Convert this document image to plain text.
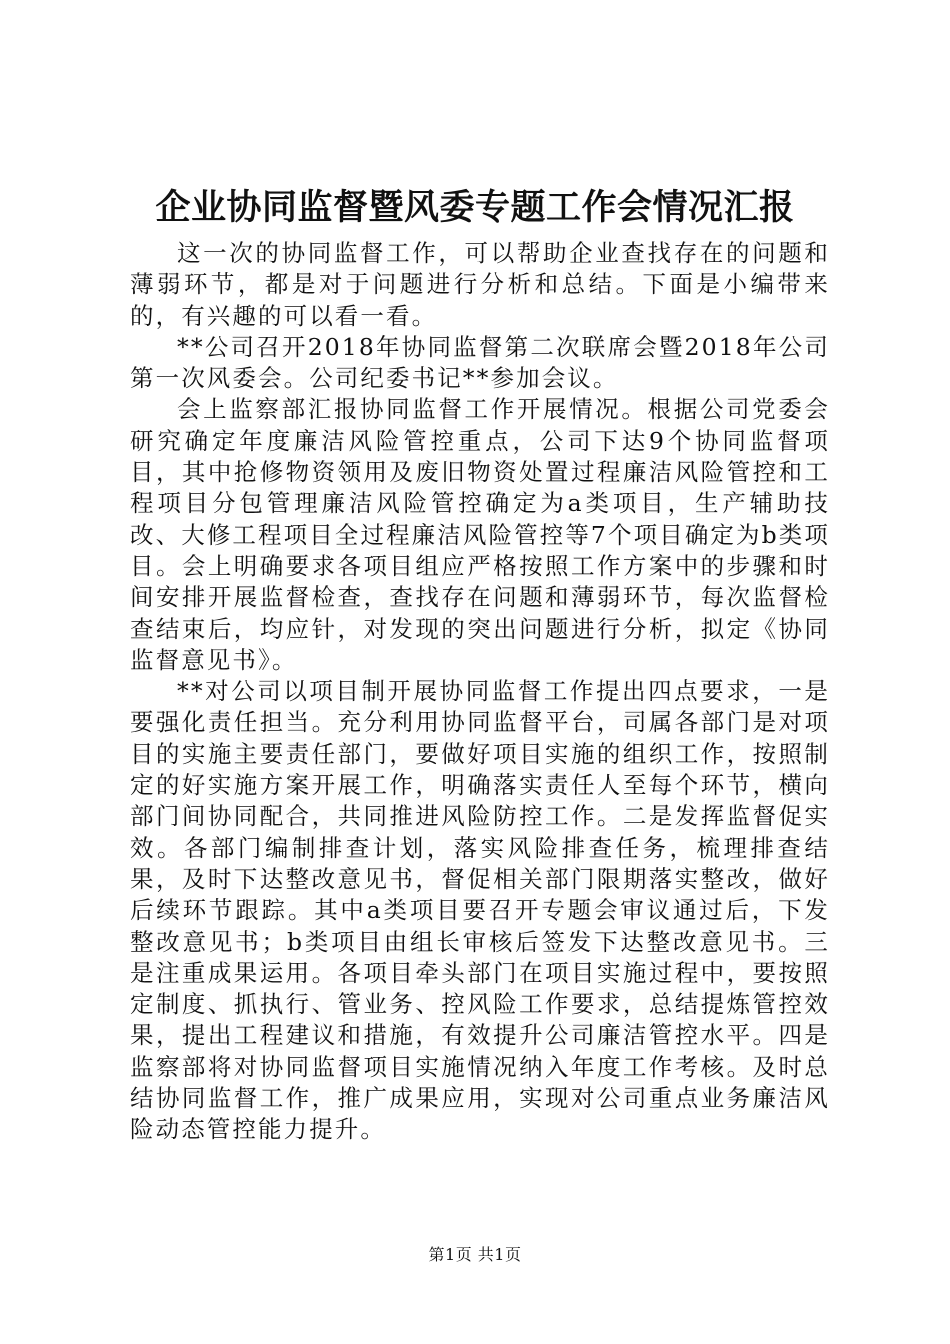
企业协同监督暨风委专题工作会情况汇报

这一次的协同监督工作，可以帮助企业查找存在的问题和薄弱环节，都是对于问题进行分析和总结。下面是小编带来的，有兴趣的可以看一看。

**公司召开2018年协同监督第二次联席会暨2018年公司第一次风委会。公司纪委书记**参加会议。

会上监察部汇报协同监督工作开展情况。根据公司党委会研究确定年度廉洁风险管控重点，公司下达9个协同监督项目，其中抢修物资领用及废旧物资处置过程廉洁风险管控和工程项目分包管理廉洁风险管控确定为a类项目，生产辅助技改、大修工程项目全过程廉洁风险管控等7个项目确定为b类项目。会上明确要求各项目组应严格按照工作方案中的步骤和时间安排开展监督检查，查找存在问题和薄弱环节，每次监督检查结束后，均应针，对发现的突出问题进行分析，拟定《协同监督意见书》。

**对公司以项目制开展协同监督工作提出四点要求，一是要强化责任担当。充分利用协同监督平台，司属各部门是对项目的实施主要责任部门，要做好项目实施的组织工作，按照制定的好实施方案开展工作，明确落实责任人至每个环节，横向部门间协同配合，共同推进风险防控工作。二是发挥监督促实效。各部门编制排查计划，落实风险排查任务，梳理排查结果，及时下达整改意见书，督促相关部门限期落实整改，做好后续环节跟踪。其中a类项目要召开专题会审议通过后，下发整改意见书；b类项目由组长审核后签发下达整改意见书。三是注重成果运用。各项目牵头部门在项目实施过程中，要按照定制度、抓执行、管业务、控风险工作要求，总结提炼管控效果，提出工程建议和措施，有效提升公司廉洁管控水平。四是监察部将对协同监督项目实施情况纳入年度工作考核。及时总结协同监督工作，推广成果应用，实现对公司重点业务廉洁风险动态管控能力提升。

第1页 共1页
